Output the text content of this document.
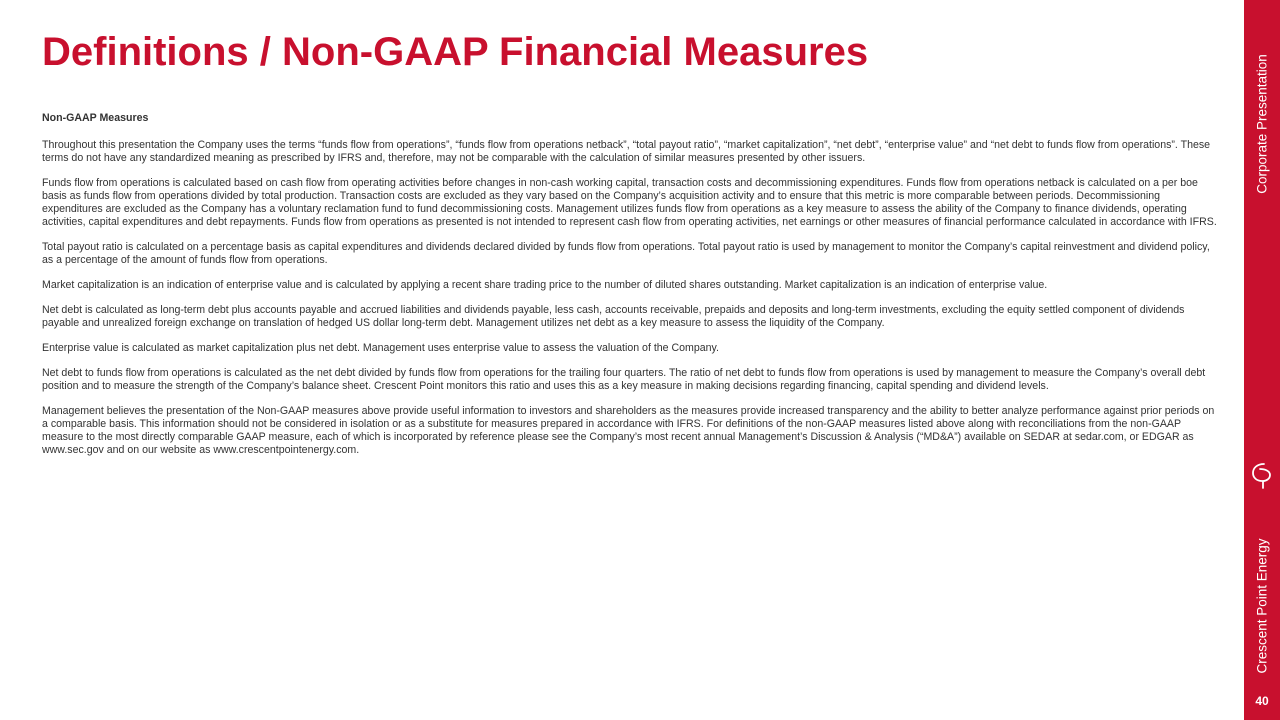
Definitions / Non-GAAP Financial Measures
Non-GAAP Measures

Throughout this presentation the Company uses the terms “funds flow from operations”, “funds flow from operations netback”, “total payout ratio”, “market capitalization”, “net debt”, “enterprise value” and “net debt to funds flow from operations”. These terms do not have any standardized meaning as prescribed by IFRS and, therefore, may not be comparable with the calculation of similar measures presented by other issuers.

Funds flow from operations is calculated based on cash flow from operating activities before changes in non-cash working capital, transaction costs and decommissioning expenditures. Funds flow from operations netback is calculated on a per boe basis as funds flow from operations divided by total production. Transaction costs are excluded as they vary based on the Company’s acquisition activity and to ensure that this metric is more comparable between periods. Decommissioning expenditures are excluded as the Company has a voluntary reclamation fund to fund decommissioning costs. Management utilizes funds flow from operations as a key measure to assess the ability of the Company to finance dividends, operating activities, capital expenditures and debt repayments. Funds flow from operations as presented is not intended to represent cash flow from operating activities, net earnings or other measures of financial performance calculated in accordance with IFRS.

Total payout ratio is calculated on a percentage basis as capital expenditures and dividends declared divided by funds flow from operations. Total payout ratio is used by management to monitor the Company’s capital reinvestment and dividend policy, as a percentage of the amount of funds flow from operations.

Market capitalization is an indication of enterprise value and is calculated by applying a recent share trading price to the number of diluted shares outstanding. Market capitalization is an indication of enterprise value.

Net debt is calculated as long-term debt plus accounts payable and accrued liabilities and dividends payable, less cash, accounts receivable, prepaids and deposits and long-term investments, excluding the equity settled component of dividends payable and unrealized foreign exchange on translation of hedged US dollar long-term debt. Management utilizes net debt as a key measure to assess the liquidity of the Company.

Enterprise value is calculated as market capitalization plus net debt. Management uses enterprise value to assess the valuation of the Company.

Net debt to funds flow from operations is calculated as the net debt divided by funds flow from operations for the trailing four quarters. The ratio of net debt to funds flow from operations is used by management to measure the Company’s overall debt position and to measure the strength of the Company’s balance sheet. Crescent Point monitors this ratio and uses this as a key measure in making decisions regarding financing, capital spending and dividend levels.

Management believes the presentation of the Non-GAAP measures above provide useful information to investors and shareholders as the measures provide increased transparency and the ability to better analyze performance against prior periods on a comparable basis. This information should not be considered in isolation or as a substitute for measures prepared in accordance with IFRS. For definitions of the non-GAAP measures listed above along with reconciliations from the non-GAAP measure to the most directly comparable GAAP measure, each of which is incorporated by reference please see the Company’s most recent annual Management’s Discussion & Analysis (“MD&A”) available on SEDAR at sedar.com, or EDGAR as www.sec.gov and on our website as www.crescentpointenergy.com.

Corporate Presentation
Crescent Point Energy
40
